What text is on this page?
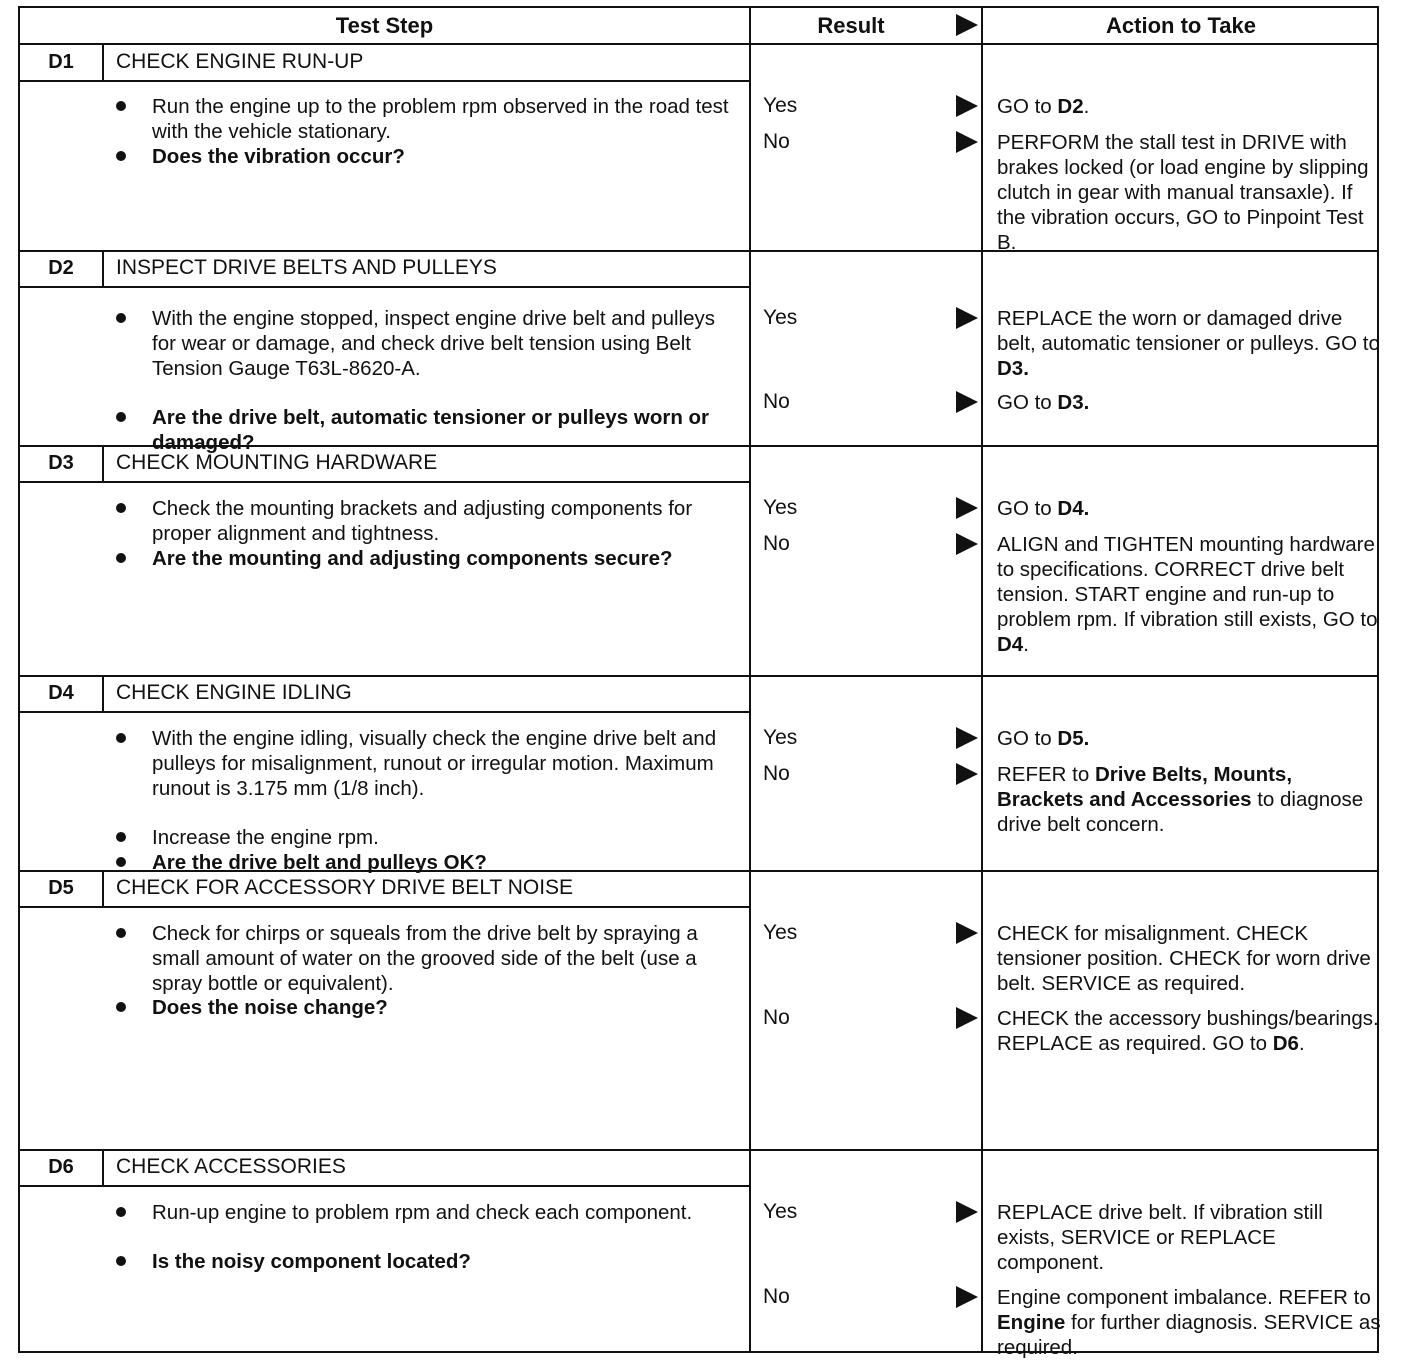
Test Step	Result	Action to Take
D1	CHECK ENGINE RUN-UP
Run the engine up to the problem rpm observed in the road test with the vehicle stationary.
Does the vibration occur?
Yes	GO to D2.
No	PERFORM the stall test in DRIVE with brakes locked (or load engine by slipping clutch in gear with manual transaxle). If the vibration occurs, GO to Pinpoint Test B.
D2	INSPECT DRIVE BELTS AND PULLEYS
With the engine stopped, inspect engine drive belt and pulleys for wear or damage, and check drive belt tension using Belt Tension Gauge T63L-8620-A.
Are the drive belt, automatic tensioner or pulleys worn or damaged?
Yes	REPLACE the worn or damaged drive belt, automatic tensioner or pulleys. GO to D3.
No	GO to D3.
D3	CHECK MOUNTING HARDWARE
Check the mounting brackets and adjusting components for proper alignment and tightness.
Are the mounting and adjusting components secure?
Yes	GO to D4.
No	ALIGN and TIGHTEN mounting hardware to specifications. CORRECT drive belt tension. START engine and run-up to problem rpm. If vibration still exists, GO to D4.
D4	CHECK ENGINE IDLING
With the engine idling, visually check the engine drive belt and pulleys for misalignment, runout or irregular motion. Maximum runout is 3.175 mm (1/8 inch).
Increase the engine rpm.
Are the drive belt and pulleys OK?
Yes	GO to D5.
No	REFER to Drive Belts, Mounts, Brackets and Accessories to diagnose drive belt concern.
D5	CHECK FOR ACCESSORY DRIVE BELT NOISE
Check for chirps or squeals from the drive belt by spraying a small amount of water on the grooved side of the belt (use a spray bottle or equivalent).
Does the noise change?
Yes	CHECK for misalignment. CHECK tensioner position. CHECK for worn drive belt. SERVICE as required.
No	CHECK the accessory bushings/bearings. REPLACE as required. GO to D6.
D6	CHECK ACCESSORIES
Run-up engine to problem rpm and check each component.
Is the noisy component located?
Yes	REPLACE drive belt. If vibration still exists, SERVICE or REPLACE component.
No	Engine component imbalance. REFER to Engine for further diagnosis. SERVICE as required.
